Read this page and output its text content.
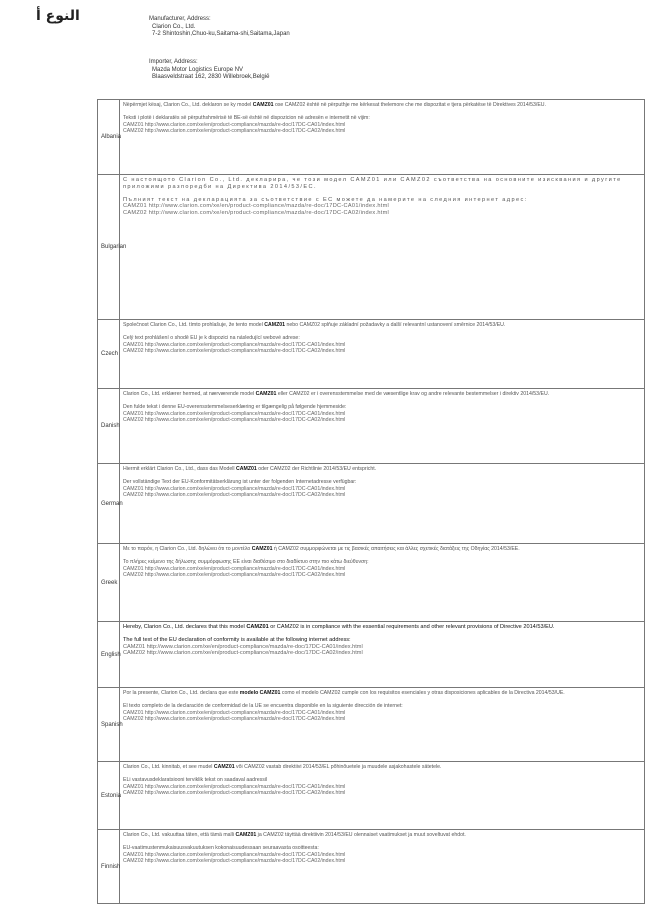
النوع أ	Manufacturer, Address:
Clarion Co., Ltd.
7-2 Shintoshin,Chuo-ku,Saitama-shi,Saitama,Japan
Importer, Address:
Mazda Motor Logistics Europe NV
Blaasveldstraat 162, 2830 Willebroek,België
Albania	Nëpërmjet kësaj, Clarion Co., Ltd. deklaron se ky model CAMZ01 ose CAMZ02 është në përputhje me kërkesat thelemore che me dispozitat e tjera përkatëse të Direktives 2014/53/EU.
Teksti i plotë i deklaratës së përputhshmërisë të BE-së është në dispozicion në adresën e internetit në vijim:
CAMZ01 http://www.clarion.com/xe/en/product-compliance/mazda/re-doc/17DC-CA01/index.html
CAMZ02 http://www.clarion.com/xe/en/product-compliance/mazda/re-doc/17DC-CA02/index.html

Bulgarian	С настоящото Clarion Co., Ltd. декларира, че този модел CAMZ01 или CAMZ02 съответства на основните изисквания и другите приложими разпоредби на Директива 2014/53/ЕС.
Пълният текст на декларацията за съответствие с ЕС можете да намерите на следния интернет адрес:
CAMZ01 http://www.clarion.com/xe/en/product-compliance/mazda/re-doc/17DC-CA01/index.html
CAMZ02 http://www.clarion.com/xe/en/product-compliance/mazda/re-doc/17DC-CA02/index.html

Czech	Společnost Clarion Co., Ltd. tímto prohlašuje, že tento model CAMZ01 nebo CAMZ02 splňuje základní požadavky a další relevantní ustanovení směrnice 2014/53/EU.
Celý text prohlášení o shodě EU je k dispozici na následující webové adrese:
CAMZ01 http://www.clarion.com/xe/en/product-compliance/mazda/re-doc/17DC-CA01/index.html
CAMZ02 http://www.clarion.com/xe/en/product-compliance/mazda/re-doc/17DC-CA02/index.html

Danish	Clarion Co., Ltd. erklærer hermed, at nærværende model CAMZ01 eller CAMZ02 er i overensstemmelse med de væsentlige krav og andre relevante bestemmelser i direktiv 2014/53/EU.
Den fulde tekst i denne EU-overensstemmelseserklæring er tilgængelig på følgende hjemmeside:
CAMZ01 http://www.clarion.com/xe/en/product-compliance/mazda/re-doc/17DC-CA01/index.html
CAMZ02 http://www.clarion.com/xe/en/product-compliance/mazda/re-doc/17DC-CA02/index.html

German	Hiermit erklärt Clarion Co., Ltd., dass das Modell CAMZ01 oder CAMZ02 der Richtlinie 2014/53/EU entspricht.
Der vollständige Text der EU-Konformitätserklärung ist unter der folgenden Internetadresse verfügbar:
CAMZ01 http://www.clarion.com/xe/en/product-compliance/mazda/re-doc/17DC-CA01/index.html
CAMZ02 http://www.clarion.com/xe/en/product-compliance/mazda/re-doc/17DC-CA02/index.html

Greek	Με το παρόν, η Clarion Co., Ltd. δηλώνει ότι το μοντέλο CAMZ01 ή CAMZ02 συμμορφώνεται με τις βασικές απαιτήσεις και άλλες σχετικές διατάξεις της Οδηγίας 2014/53/ΕΕ.
Το πλήρες κείμενο της δήλωσης συμμόρφωσης ΕΕ είναι διαθέσιμο στο διαδίκτυο στην πιο κάτω διεύθυνση:
CAMZ01 http://www.clarion.com/xe/en/product-compliance/mazda/re-doc/17DC-CA01/index.html
CAMZ02 http://www.clarion.com/xe/en/product-compliance/mazda/re-doc/17DC-CA02/index.html

English	Hereby, Clarion Co., Ltd. declares that this model CAMZ01 or CAMZ02 is in compliance with the essential requirements and other relevant provisions of Directive 2014/53/EU.
The full text of the EU declaration of conformity is available at the following internet address:
CAMZ01 http://www.clarion.com/xe/en/product-compliance/mazda/re-doc/17DC-CA01/index.html
CAMZ02 http://www.clarion.com/xe/en/product-compliance/mazda/re-doc/17DC-CA02/index.html

Spanish	Por la presente, Clarion Co., Ltd. declara que este modelo CAMZ01 como el modelo CAMZ02 cumple con los requisitos esenciales y otras disposiciones aplicables de la Directiva 2014/53/UE.
El texto completo de la declaración de conformidad de la UE se encuentra disponible en la siguiente dirección de internet:
CAMZ01 http://www.clarion.com/xe/en/product-compliance/mazda/re-doc/17DC-CA01/index.html
CAMZ02 http://www.clarion.com/xe/en/product-compliance/mazda/re-doc/17DC-CA02/index.html

Estonia	Clarion Co., Ltd. kinnitab, et see mudel CAMZ01 või CAMZ02 vastab direktiivi 2014/53/EL põhinõuetele ja muudele asjakohastele sätetele.
ELi vastavusdeklaratsiooni terviklik tekst on saadaval aadressil
CAMZ01 http://www.clarion.com/xe/en/product-compliance/mazda/re-doc/17DC-CA01/index.html
CAMZ02 http://www.clarion.com/xe/en/product-compliance/mazda/re-doc/17DC-CA02/index.html

Finnish	Clarion Co., Ltd. vakuuttaa täten, että tämä malli CAMZ01 ja CAMZ02 täyttää direktiivin 2014/53/EU olennaiset vaatimukset ja muut soveltuvat ehdot.
EU-vaatimustenmukaisuusvakuutuksen kokonaisuudessaan seuraavasta osoitteesta:
CAMZ01 http://www.clarion.com/xe/en/product-compliance/mazda/re-doc/17DC-CA01/index.html
CAMZ02 http://www.clarion.com/xe/en/product-compliance/mazda/re-doc/17DC-CA02/index.html
